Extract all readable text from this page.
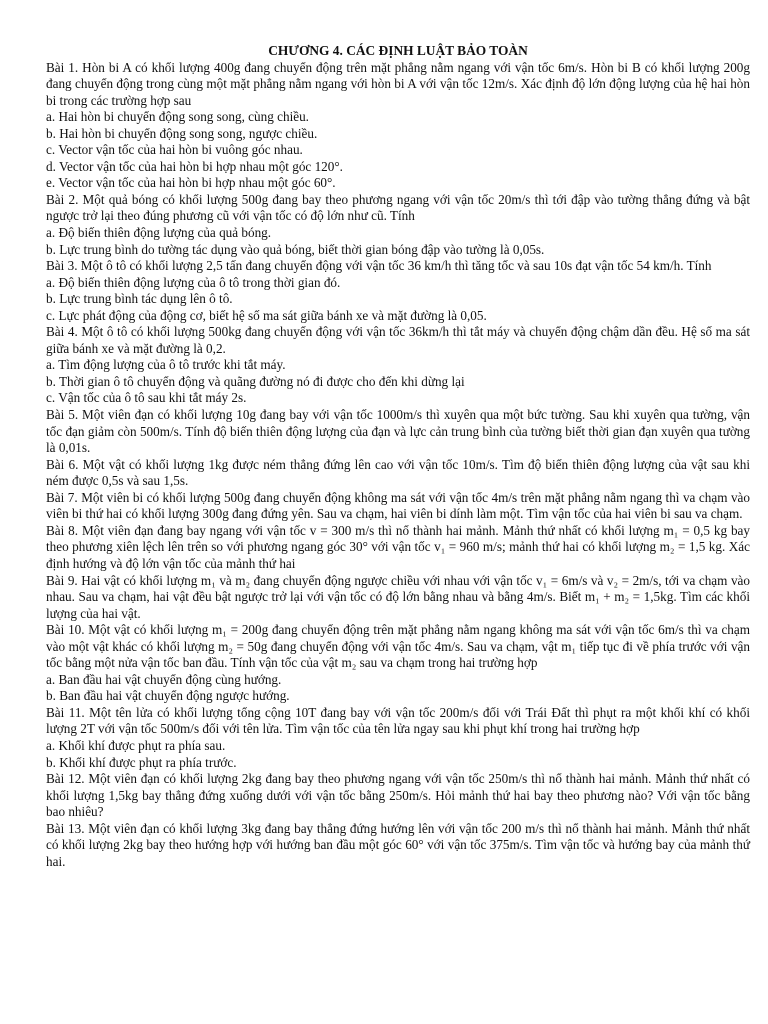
CHƯƠNG 4. CÁC ĐỊNH LUẬT BẢO TOÀN

Bài 1. Hòn bi A có khối lượng 400g đang chuyển động trên mặt phẳng nằm ngang với vận tốc 6m/s. Hòn bi B có khối lượng 200g đang chuyển động trong cùng một mặt phẳng nằm ngang với hòn bi A với vận tốc 12m/s. Xác định độ lớn động lượng của hệ hai hòn bi trong các trường hợp sau

a. Hai hòn bi chuyển động song song, cùng chiều.

b. Hai hòn bi chuyển động song song, ngược chiều.

c. Vector vận tốc của hai hòn bi vuông góc nhau.

d. Vector vận tốc của hai hòn bi hợp nhau một góc 120°.

e. Vector vận tốc của hai hòn bi hợp nhau một góc 60°.

Bài 2. Một quả bóng có khối lượng 500g đang bay theo phương ngang với vận tốc 20m/s thì tới đập vào tường thẳng đứng và bật ngược trở lại theo đúng phương cũ với vận tốc có độ lớn như cũ. Tính

a. Độ biến thiên động lượng của quả bóng.

b. Lực trung bình do tường tác dụng vào quả bóng, biết thời gian bóng đập vào tường là 0,05s.

Bài 3. Một ô tô có khối lượng 2,5 tấn đang chuyển động với vận tốc 36 km/h thì tăng tốc và sau 10s đạt vận tốc 54 km/h. Tính

a. Độ biến thiên động lượng của ô tô trong thời gian đó.

b. Lực trung bình tác dụng lên ô tô.

c. Lực phát động của động cơ, biết hệ số ma sát giữa bánh xe và mặt đường là 0,05.

Bài 4. Một ô tô có khối lượng 500kg đang chuyển động với vận tốc 36km/h thì tắt máy và chuyển động chậm dần đều. Hệ số ma sát giữa bánh xe và mặt đường là 0,2.

a. Tìm động lượng của ô tô trước khi tắt máy.

b. Thời gian ô tô chuyển động và quãng đường nó đi được cho đến khi dừng lại

c. Vận tốc của ô tô sau khi tắt máy 2s.

Bài 5. Một viên đạn có khối lượng 10g đang bay với vận tốc 1000m/s thì xuyên qua một bức tường. Sau khi xuyên qua tường, vận tốc đạn giảm còn 500m/s. Tính độ biến thiên động lượng của đạn và lực cản trung bình của tường biết thời gian đạn xuyên qua tường là 0,01s.

Bài 6. Một vật có khối lượng 1kg được ném thẳng đứng lên cao với vận tốc 10m/s. Tìm độ biến thiên động lượng của vật sau khi ném được 0,5s và sau 1,5s.

Bài 7. Một viên bi có khối lượng 500g đang chuyển động không ma sát với vận tốc 4m/s trên mặt phẳng nằm ngang thì va chạm vào viên bi thứ hai có khối lượng 300g đang đứng yên. Sau va chạm, hai viên bi dính làm một. Tìm vận tốc của hai viên bi sau va chạm.

Bài 8. Một viên đạn đang bay ngang với vận tốc v = 300 m/s thì nổ thành hai mảnh. Mảnh thứ nhất có khối lượng m₁ = 0,5 kg bay theo phương xiên lệch lên trên so với phương ngang góc 30° với vận tốc v₁ = 960 m/s; mảnh thứ hai có khối lượng m₂ = 1,5 kg. Xác định hướng và độ lớn vận tốc của mảnh thứ hai

Bài 9. Hai vật có khối lượng m₁ và m₂ đang chuyển động ngược chiều với nhau với vận tốc v₁ = 6m/s và v₂ = 2m/s, tới va chạm vào nhau. Sau va chạm, hai vật đều bật ngược trở lại với vận tốc có độ lớn bằng nhau và bằng 4m/s. Biết m₁ + m₂ = 1,5kg. Tìm các khối lượng của hai vật.

Bài 10. Một vật có khối lượng m₁ = 200g đang chuyển động trên mặt phẳng nằm ngang không ma sát với vận tốc 6m/s thì va chạm vào một vật khác có khối lượng m₂ = 50g đang chuyển động với vận tốc 4m/s. Sau va chạm, vật m₁ tiếp tục đi về phía trước với vận tốc bằng một nửa vận tốc ban đầu. Tính vận tốc của vật m₂ sau va chạm trong hai trường hợp

a. Ban đầu hai vật chuyển động cùng hướng.

b. Ban đầu hai vật chuyển động ngược hướng.

Bài 11. Một tên lửa có khối lượng tổng cộng 10T đang bay với vận tốc 200m/s đối với Trái Đất thì phụt ra một khối khí có khối lượng 2T với vận tốc 500m/s đối với tên lửa. Tìm vận tốc của tên lửa ngay sau khi phụt khí trong hai trường hợp

a. Khối khí được phụt ra phía sau.

b. Khối khí được phụt ra phía trước.

Bài 12. Một viên đạn có khối lượng 2kg đang bay theo phương ngang với vận tốc 250m/s thì nổ thành hai mảnh. Mảnh thứ nhất có khối lượng 1,5kg bay thẳng đứng xuống dưới với vận tốc bằng 250m/s. Hỏi mảnh thứ hai bay theo phương nào? Với vận tốc bằng bao nhiêu?

Bài 13. Một viên đạn có khối lượng 3kg đang bay thẳng đứng hướng lên với vận tốc 200 m/s thì nổ thành hai mảnh. Mảnh thứ nhất có khối lượng 2kg bay theo hướng hợp với hướng ban đầu một góc 60° với vận tốc 375m/s. Tìm vận tốc và hướng bay của mảnh thứ hai.
